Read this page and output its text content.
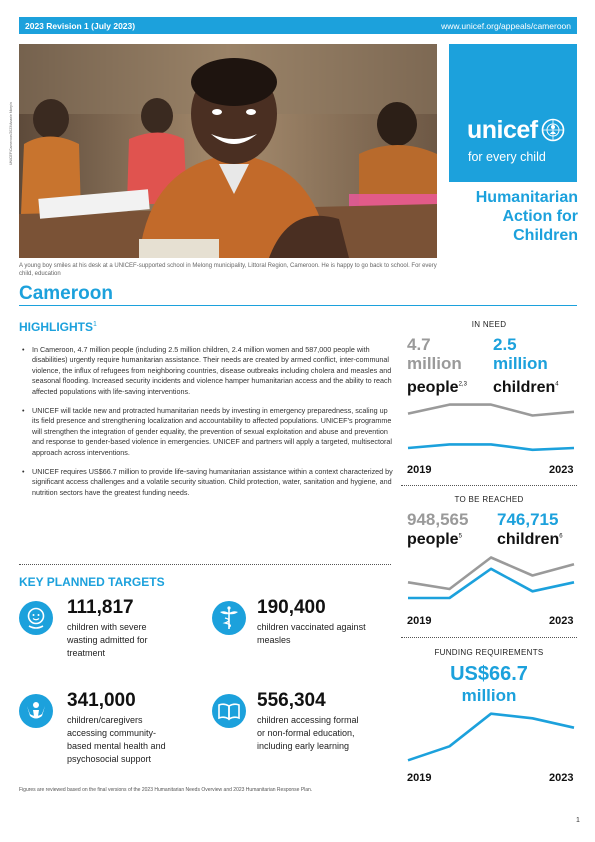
2023 Revision 1 (July 2023)	www.unicef.org/appeals/cameroon
UNICEF/Cameroon/2023/Ananie Nkeyin
A young boy smiles at his desk at a UNICEF-supported school in Melong municipality, Littoral Region, Cameroon. He is happy to go back to school. For every child, education
unicef
for every child
Humanitarian
Action for
Children
Cameroon
HIGHLIGHTS$^1$
• In Cameroon, 4.7 million people (including 2.5 million children, 2.4 million women and 587,000 people with disabilities) urgently require humanitarian assistance. Their needs are created by armed conflict, inter-communal violence, the influx of refugees from neighboring countries, disease outbreaks including cholera and measles and seasonal flooding. Increased security incidents and violence hamper humanitarian access and the ability to reach affected populations with life-saving interventions.
• UNICEF will tackle new and protracted humanitarian needs by investing in emergency preparedness, scaling up its field presence and strengthening localization and accountability to affected populations. UNICEF’s programme will strengthen the integration of gender equality, the prevention of sexual exploitation and abuse and prevention and response to gender-based violence in emergencies. UNICEF and partners will apply a targeted, multisectoral approach across interventions.
• UNICEF requires US$66.7 million to provide life-saving humanitarian assistance within a context characterized by significant access challenges and a volatile security situation. Child protection, water, sanitation and hygiene, and nutrition sectors have the greatest funding needs.
KEY PLANNED TARGETS
111,817
children with severe
wasting admitted for
treatment
190,400
children vaccinated against
measles
341,000
children/caregivers
accessing community-
based mental health and
psychosocial support
556,304
children accessing formal
or non-formal education,
including early learning
Figures are reviewed based on the final versions of the 2023 Humanitarian Needs Overview and 2023 Humanitarian Response Plan.
1
IN NEED
4.7
million
2.5
million
people$^{2,3}$ children$^4$
2019	2023
TO BE REACHED
948,565 746,715
people$^5$ children$^6$
2019	2023
FUNDING REQUIREMENTS
US$66.7
million
2019	2023
